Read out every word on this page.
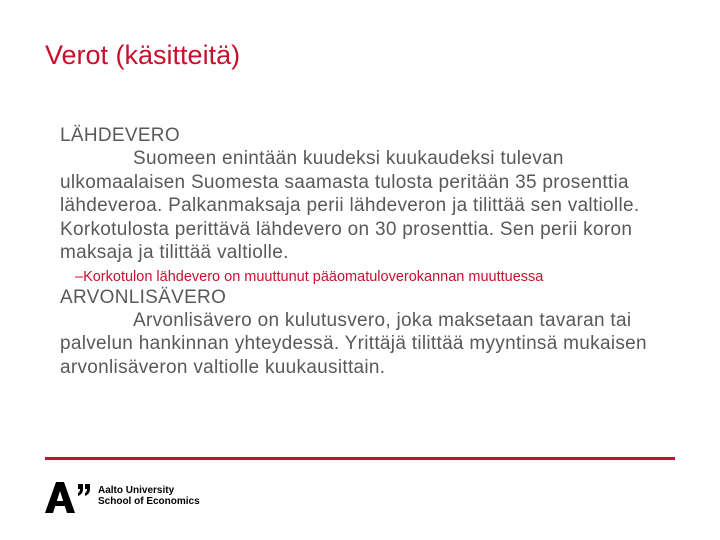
Verot (käsitteitä)
LÄHDEVERO
Suomeen enintään kuudeksi kuukaudeksi tulevan ulkomaalaisen Suomesta saamasta tulosta peritään 35 prosenttia lähdeveroa. Palkanmaksaja perii lähdeveron ja tilittää sen valtiolle. Korkotulosta perittävä lähdevero on 30 prosenttia. Sen perii koron maksaja ja tilittää valtiolle.
–Korkotulon lähdevero on muuttunut pääomatuloverokannan muuttuessa
ARVONLISÄVERO
Arvonlisävero on kulutusvero, joka maksetaan tavaran tai palvelun hankinnan yhteydessä. Yrittäjä tilittää myyntinsä mukaisen arvonlisäveron valtiolle kuukausittain.
Aalto University
School of Economics
